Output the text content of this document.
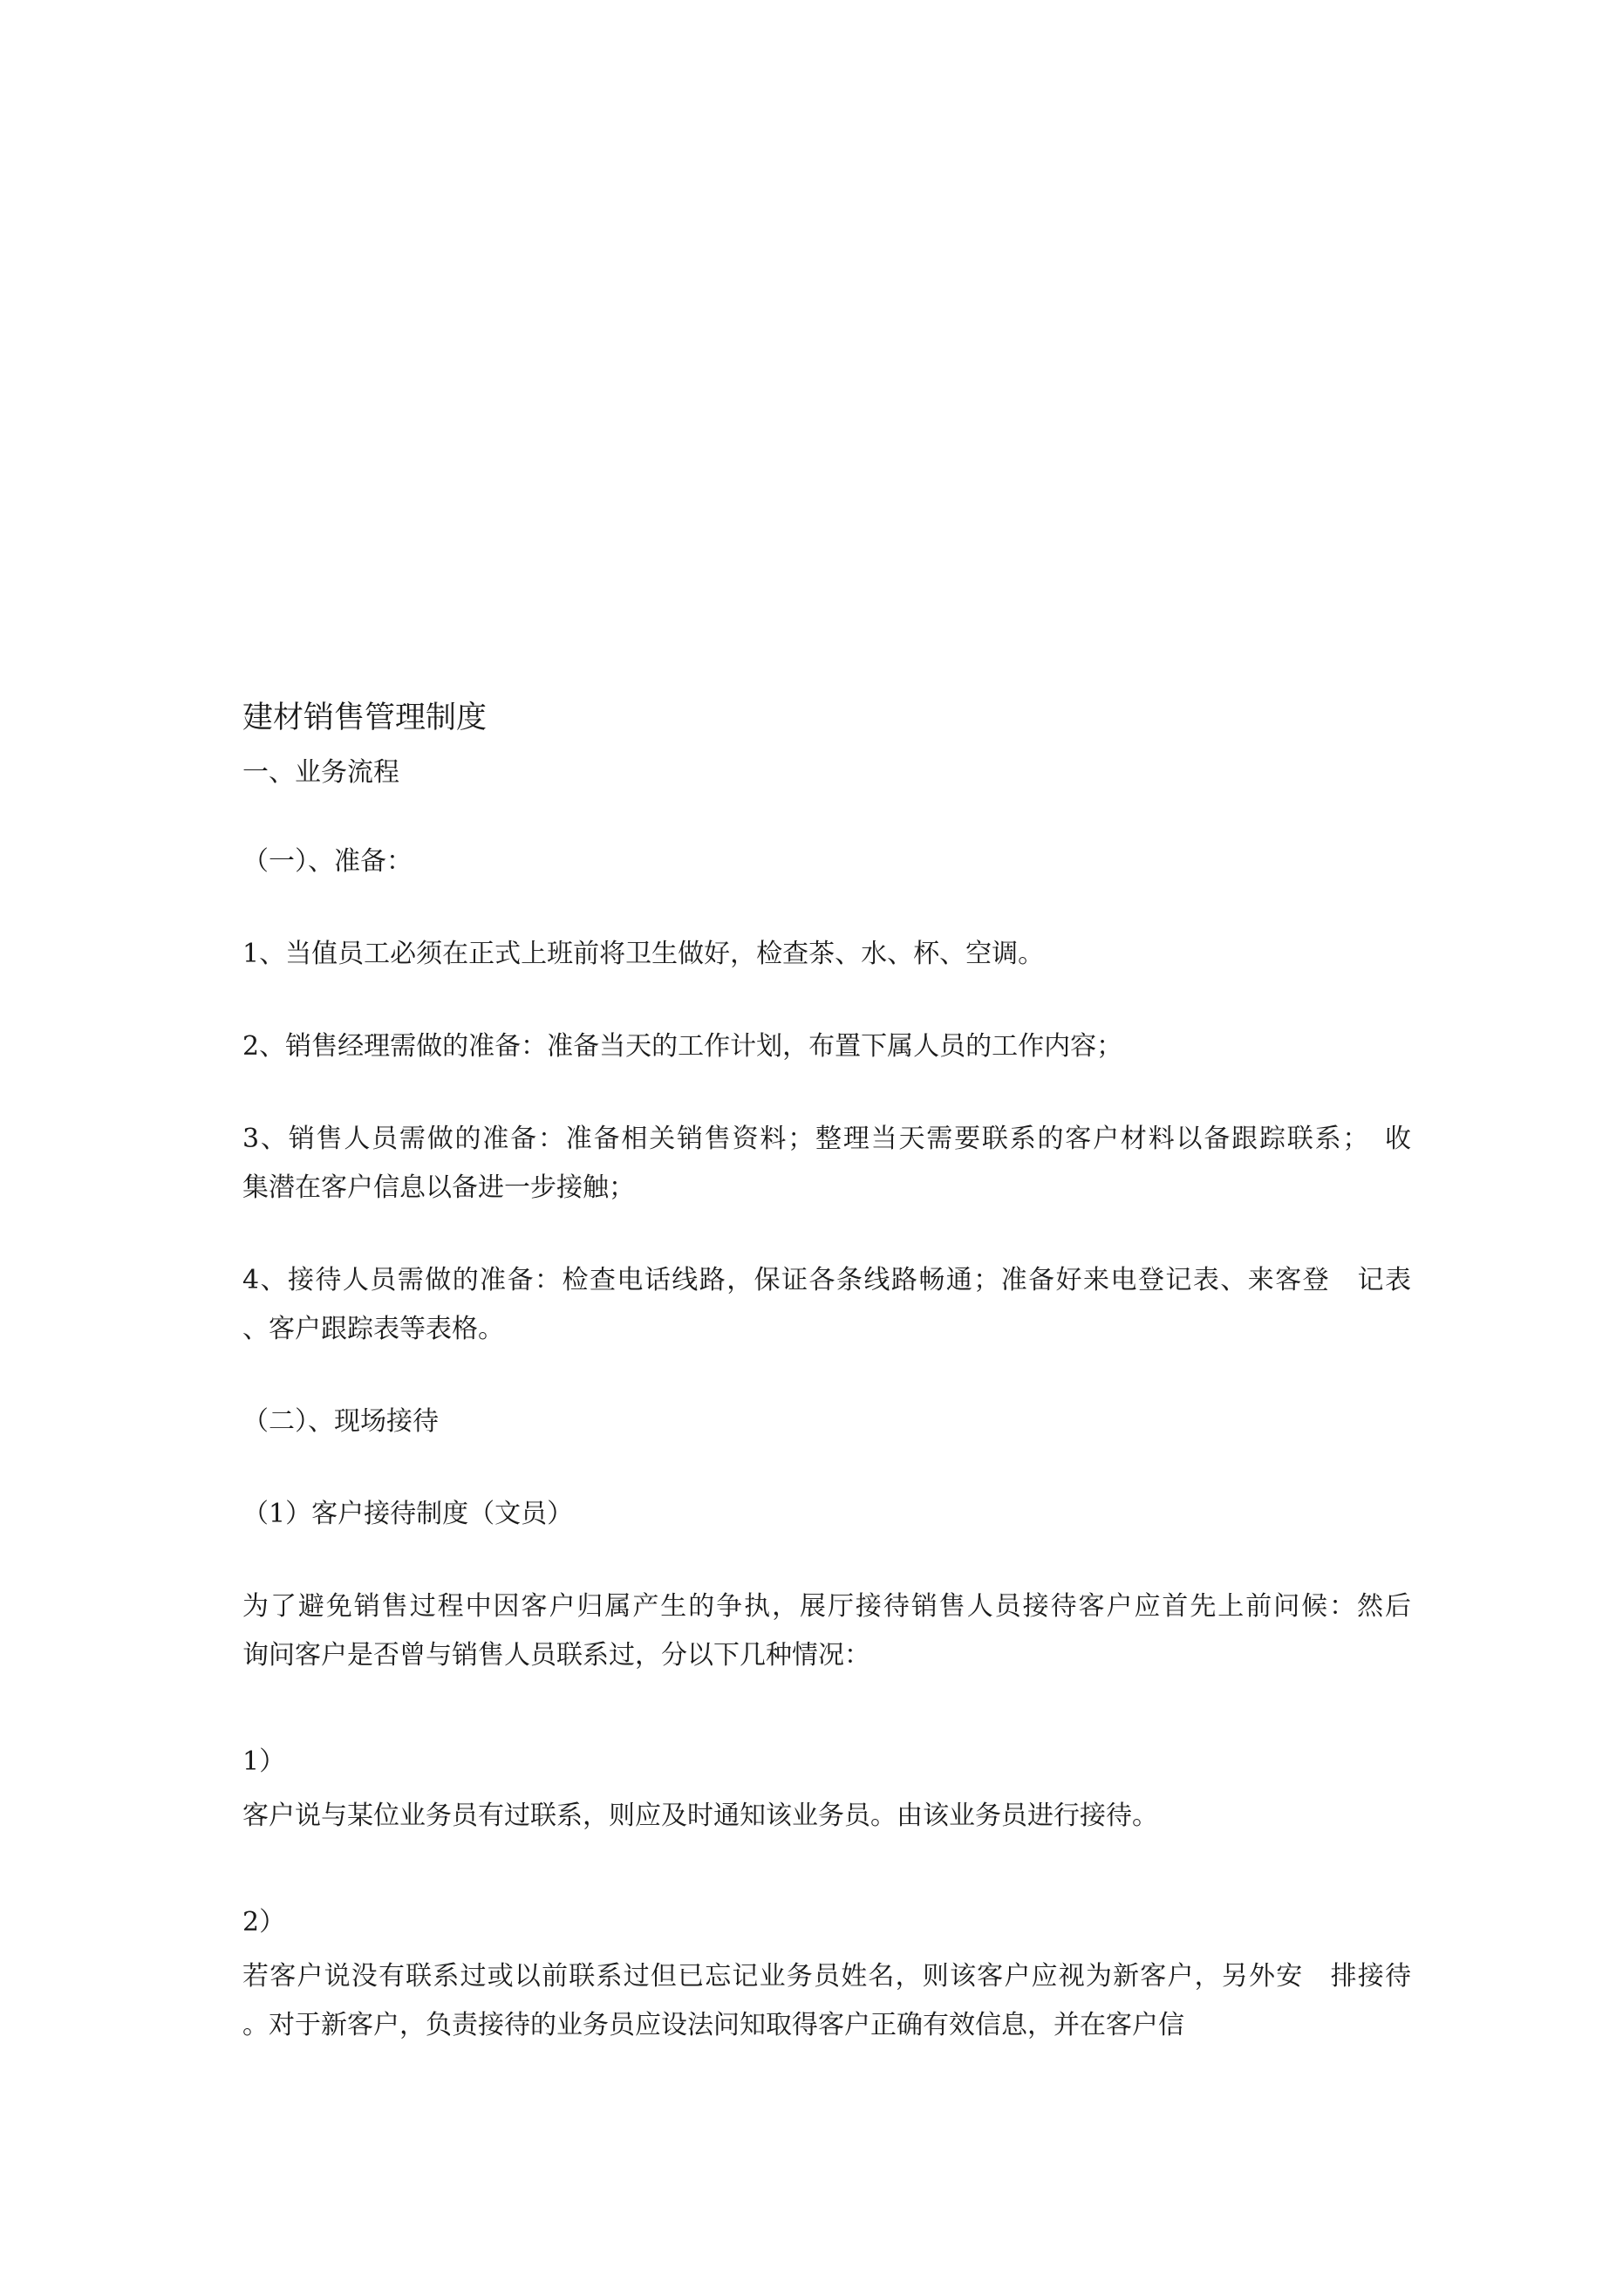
建材销售管理制度
一、业务流程
（一）、准备：
1、当值员工必须在正式上班前将卫生做好，检查茶、水、杯、空调。
2、销售经理需做的准备：准备当天的工作计划，布置下属人员的工作内容；
3、销售人员需做的准备：准备相关销售资料；整理当天需要联系的客户材料以备跟踪联系；　收
集潜在客户信息以备进一步接触；
4、接待人员需做的准备：检查电话线路，保证各条线路畅通；准备好来电登记表、来客登　记表
、客户跟踪表等表格。
（二）、现场接待
（1）客户接待制度（文员）
为了避免销售过程中因客户归属产生的争执，展厅接待销售人员接待客户应首先上前问候：然后
询问客户是否曾与销售人员联系过，分以下几种情况：
1）
客户说与某位业务员有过联系，则应及时通知该业务员。由该业务员进行接待。
2）
若客户说没有联系过或以前联系过但已忘记业务员姓名，则该客户应视为新客户，另外安　排接待
。对于新客户，负责接待的业务员应设法问知取得客户正确有效信息，并在客户信
